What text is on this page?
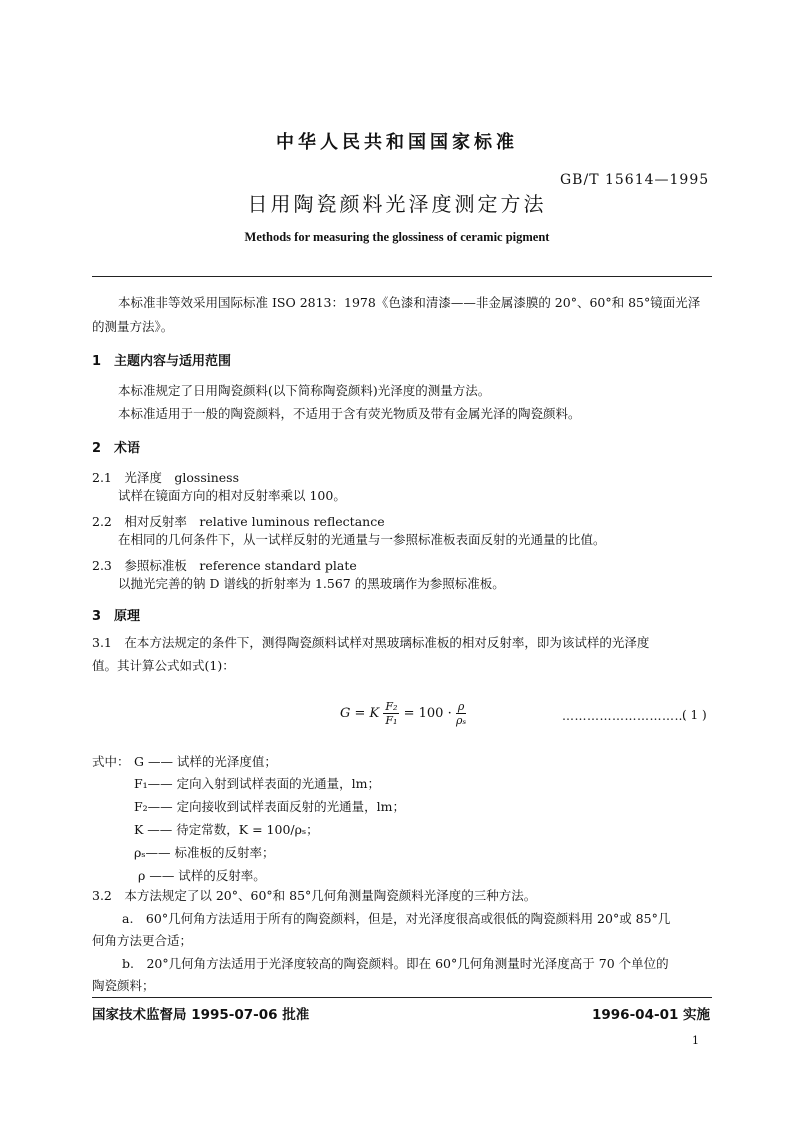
中华人民共和国国家标准
GB/T 15614—1995
日用陶瓷颜料光泽度测定方法
Methods for measuring the glossiness of ceramic pigment
本标准非等效采用国际标准 ISO 2813：1978《色漆和清漆——非金属漆膜的 20°、60°和 85°镜面光泽
的测量方法》。
1　主题内容与适用范围
本标准规定了日用陶瓷颜料(以下简称陶瓷颜料)光泽度的测量方法。
本标准适用于一般的陶瓷颜料，不适用于含有荧光物质及带有金属光泽的陶瓷颜料。
2　术语
2.1　光泽度　glossiness
试样在镜面方向的相对反射率乘以 100。
2.2　相对反射率　relative luminous reflectance
在相同的几何条件下，从一试样反射的光通量与一参照标准板表面反射的光通量的比值。
2.3　参照标准板　reference standard plate
以抛光完善的钠 D 谱线的折射率为 1.567 的黑玻璃作为参照标准板。
3　原理
3.1　在本方法规定的条件下，测得陶瓷颜料试样对黑玻璃标准板的相对反射率，即为该试样的光泽度
值。其计算公式如式(1)：
G = K $\frac{\text{F₂}}{\text{F₁}} = 100 \cdot \frac{\rho}{\text{ρₛ}}$	…………………………
( 1 )
式中： G —— 试样的光泽度值；
F₁—— 定向入射到试样表面的光通量，lm；
F₂—— 定向接收到试样表面反射的光通量，lm；
K —— 待定常数，K = 100/ρₛ；
ρₛ—— 标准板的反射率；
ρ —— 试样的反射率。
3.2　本方法规定了以 20°、60°和 85°几何角测量陶瓷颜料光泽度的三种方法。
a.　60°几何角方法适用于所有的陶瓷颜料，但是，对光泽度很高或很低的陶瓷颜料用 20°或 85°几
何角方法更合适；
b.　20°几何角方法适用于光泽度较高的陶瓷颜料。即在 60°几何角测量时光泽度高于 70 个单位的
陶瓷颜料；
国家技术监督局 1995-07-06 批准	1996-04-01 实施
1
